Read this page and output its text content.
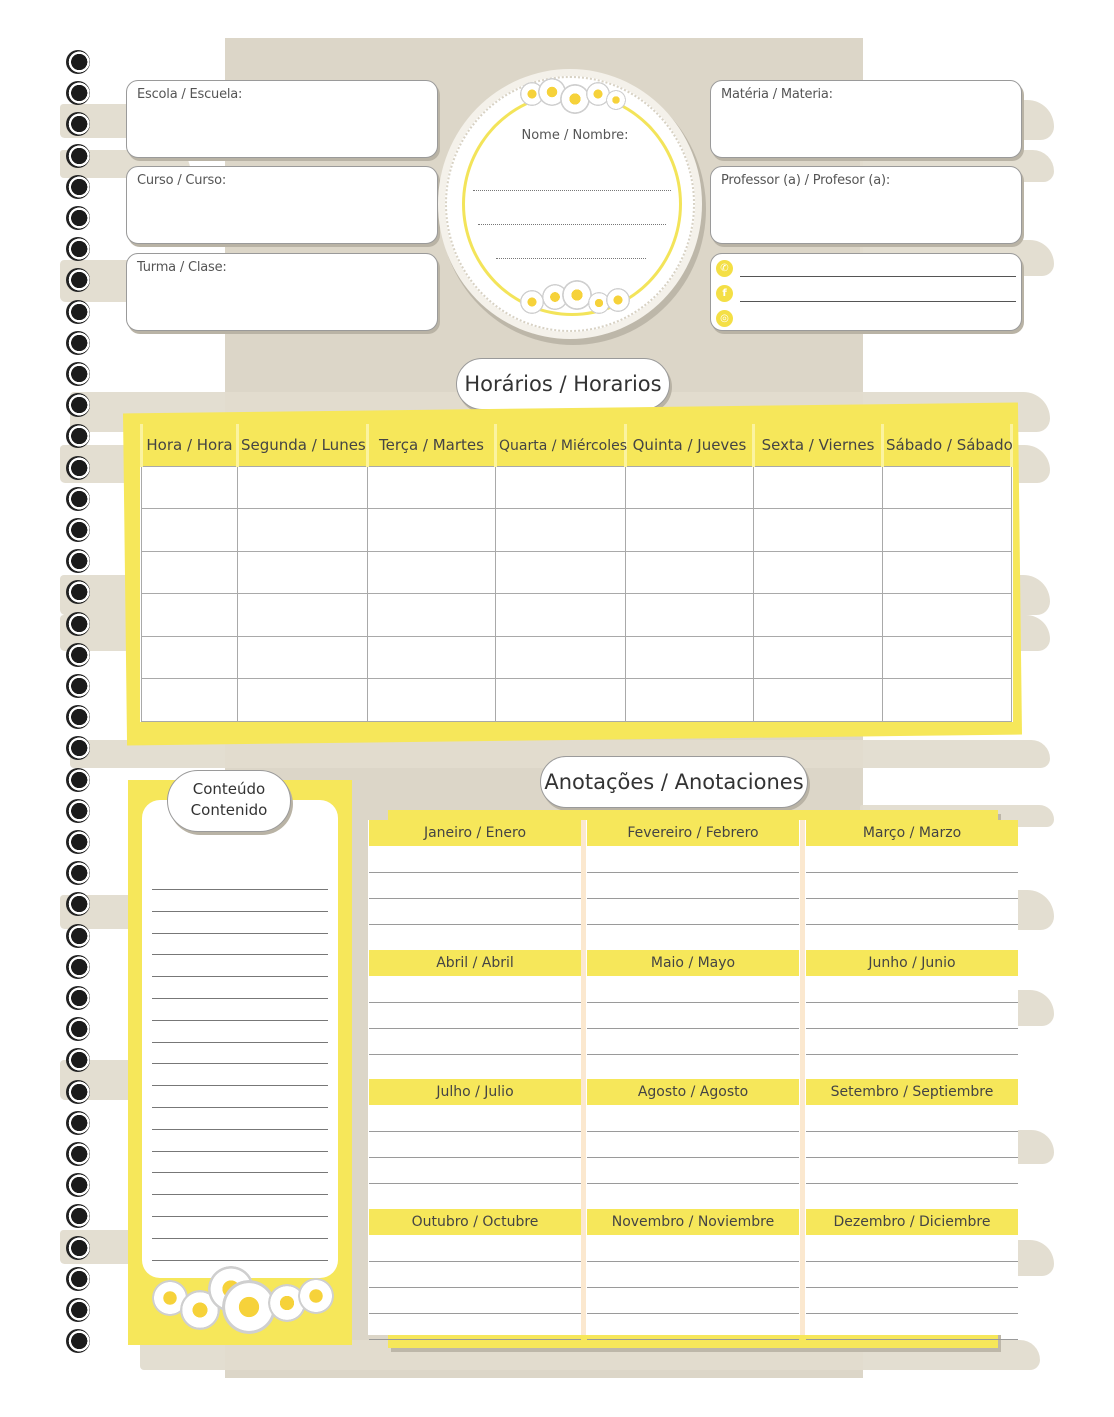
Escola / Escuela:
Curso / Curso:
Turma / Clase:
Matéria / Materia:
Professor (a) / Profesor (a):
✆
f
◎
Nome / Nombre:
Horários / Horarios
Hora / Hora	Segunda / Lunes	Terça / Martes	Quarta / Miércoles	Quinta / Jueves	Sexta / Viernes	Sábado / Sábado

Conteúdo
Contenido
Anotações / Anotaciones
Janeiro / Enero	Fevereiro / Febrero	Março / Marzo
Abril / Abril	Maio / Mayo	Junho / Junio
Julho / Julio	Agosto / Agosto	Setembro / Septiembre
Outubro / Octubre	Novembro / Noviembre	Dezembro / Diciembre
